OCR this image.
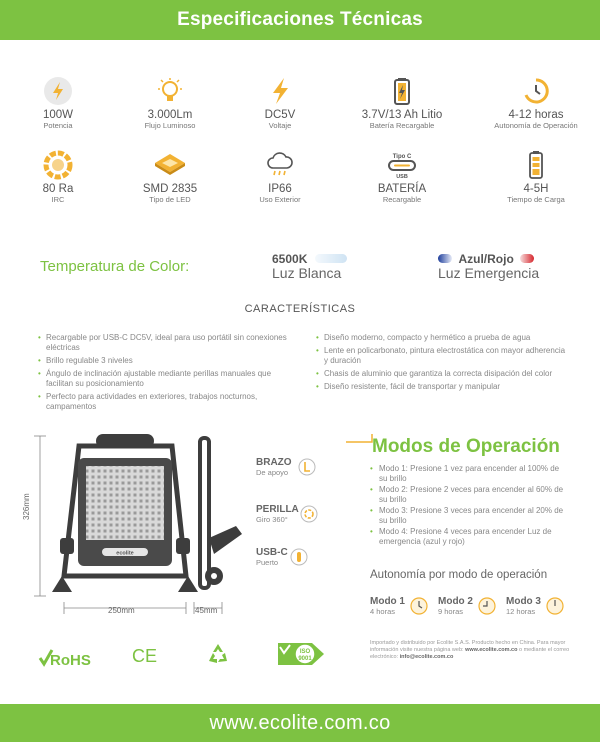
Especificaciones Técnicas
100W
Potencia
3.000Lm
Flujo Luminoso
DC5V
Voltaje
3.7V/13 Ah Litio
Batería Recargable
4-12 horas
Autonomía de Operación
80 Ra
IRC
SMD 2835
Tipo de LED
IP66
Uso Exterior
Tipo C
USB
BATERÍA
Recargable
4-5H
Tiempo de Carga
Temperatura de Color:	6500K
Luz Blanca
Azul/Rojo
Luz Emergencia
CARACTERÍSTICAS
• Recargable por USB-C DC5V, ideal para uso portátil sin conexiones eléctricas
• Brillo regulable 3 niveles
• Ángulo de inclinación ajustable mediante perillas manuales que facilitan su posicionamiento
• Perfecto para actividades en exteriores, trabajos nocturnos, campamentos
• Diseño moderno, compacto y hermético a prueba de agua
• Lente en policarbonato, pintura electrostática con mayor adherencia y duración
• Chasis de aluminio que garantiza la correcta disipación del color
• Diseño resistente, fácil de transportar y manipular
ecolite
326mm
250mm	45mm
BRAZO
De apoyo
PERILLA
Giro 360°
USB-C
Puerto
Modos de Operación
• Modo 1: Presione 1 vez para encender al 100% de su brillo
• Modo 2: Presione 2 veces para encender al 60% de su brillo
• Modo 3: Presione 3 veces para encender al 20% de su brillo
• Modo 4: Presione 4 veces para encender Luz de emergencia (azul y rojo)
Autonomía por modo de operación
Modo 1
4 horas
Modo 2
9 horas
Modo 3
12 horas
RoHS CE	ISO
9001
Importado y distribuido por Ecolite S.A.S. Producto hecho en China. Para mayor información visite nuestra página web: www.ecolite.com.co o mediante el correo electrónico: info@ecolite.com.co
www.ecolite.com.co
